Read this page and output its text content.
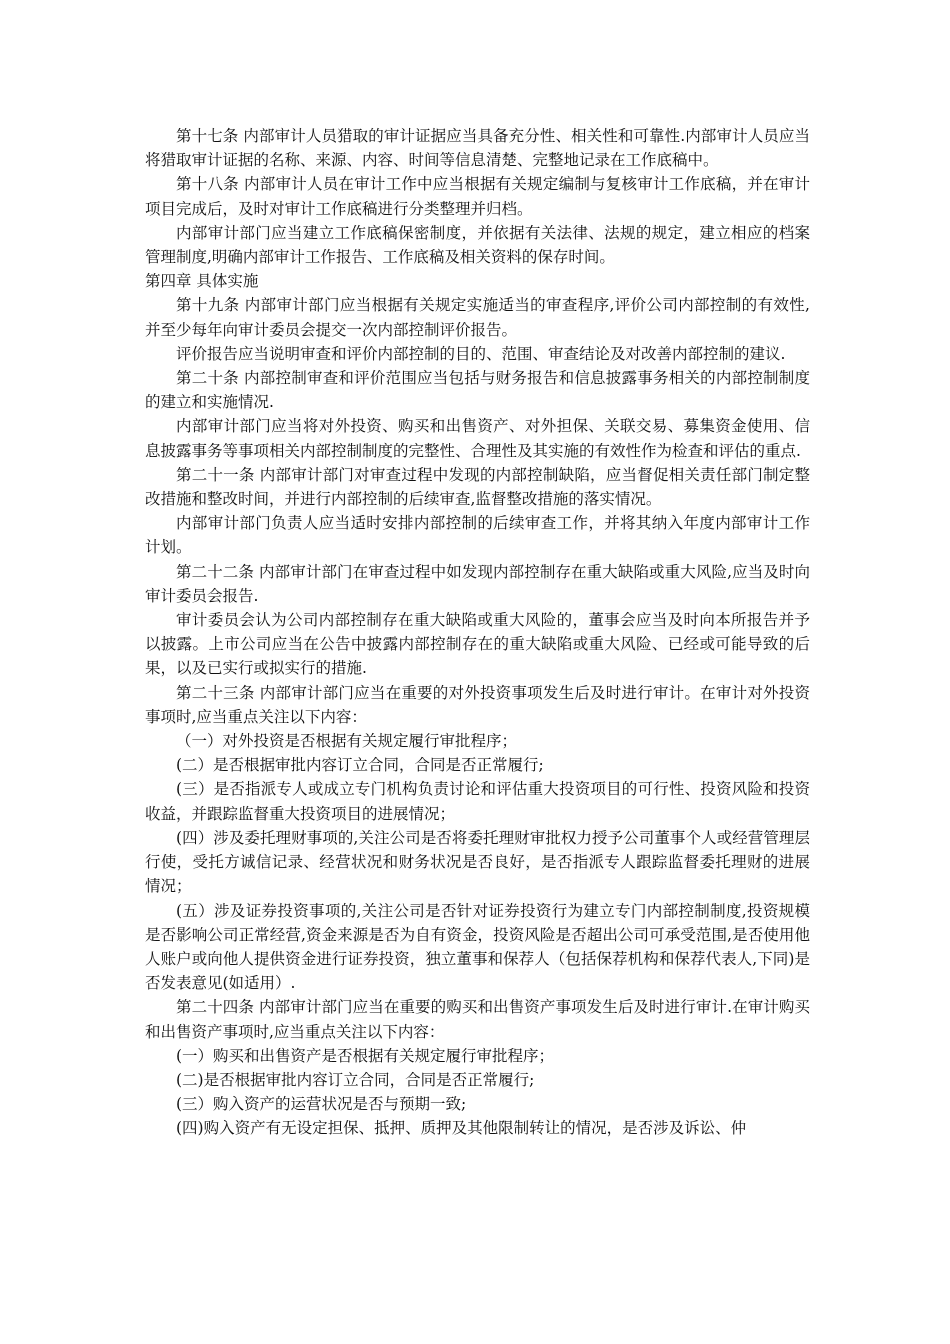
第十七条 内部审计人员猎取的审计证据应当具备充分性、相关性和可靠性.内部审计人员应当将猎取审计证据的名称、来源、内容、时间等信息清楚、完整地记录在工作底稿中。

第十八条 内部审计人员在审计工作中应当根据有关规定编制与复核审计工作底稿，并在审计项目完成后，及时对审计工作底稿进行分类整理并归档。

内部审计部门应当建立工作底稿保密制度，并依据有关法律、法规的规定，建立相应的档案管理制度,明确内部审计工作报告、工作底稿及相关资料的保存时间。

第四章 具体实施

第十九条 内部审计部门应当根据有关规定实施适当的审查程序,评价公司内部控制的有效性,并至少每年向审计委员会提交一次内部控制评价报告。

评价报告应当说明审查和评价内部控制的目的、范围、审查结论及对改善内部控制的建议.

第二十条 内部控制审查和评价范围应当包括与财务报告和信息披露事务相关的内部控制制度的建立和实施情况.

内部审计部门应当将对外投资、购买和出售资产、对外担保、关联交易、募集资金使用、信息披露事务等事项相关内部控制制度的完整性、合理性及其实施的有效性作为检查和评估的重点.

第二十一条 内部审计部门对审查过程中发现的内部控制缺陷，应当督促相关责任部门制定整改措施和整改时间，并进行内部控制的后续审查,监督整改措施的落实情况。

内部审计部门负责人应当适时安排内部控制的后续审查工作，并将其纳入年度内部审计工作计划。

第二十二条 内部审计部门在审查过程中如发现内部控制存在重大缺陷或重大风险,应当及时向审计委员会报告.

审计委员会认为公司内部控制存在重大缺陷或重大风险的，董事会应当及时向本所报告并予以披露。上市公司应当在公告中披露内部控制存在的重大缺陷或重大风险、已经或可能导致的后果，以及已实行或拟实行的措施.

第二十三条 内部审计部门应当在重要的对外投资事项发生后及时进行审计。在审计对外投资事项时,应当重点关注以下内容：

（一）对外投资是否根据有关规定履行审批程序；

(二）是否根据审批内容订立合同，合同是否正常履行;

(三）是否指派专人或成立专门机构负责讨论和评估重大投资项目的可行性、投资风险和投资收益，并跟踪监督重大投资项目的进展情况；

(四）涉及委托理财事项的,关注公司是否将委托理财审批权力授予公司董事个人或经营管理层行使，受托方诚信记录、经营状况和财务状况是否良好，是否指派专人跟踪监督委托理财的进展情况；

(五）涉及证券投资事项的,关注公司是否针对证券投资行为建立专门内部控制制度,投资规模是否影响公司正常经营,资金来源是否为自有资金，投资风险是否超出公司可承受范围,是否使用他人账户或向他人提供资金进行证券投资，独立董事和保荐人（包括保荐机构和保荐代表人,下同)是否发表意见(如适用）.

第二十四条 内部审计部门应当在重要的购买和出售资产事项发生后及时进行审计.在审计购买和出售资产事项时,应当重点关注以下内容：

(一）购买和出售资产是否根据有关规定履行审批程序；

(二)是否根据审批内容订立合同，合同是否正常履行;

(三）购入资产的运营状况是否与预期一致;

(四)购入资产有无设定担保、抵押、质押及其他限制转让的情况，是否涉及诉讼、仲
